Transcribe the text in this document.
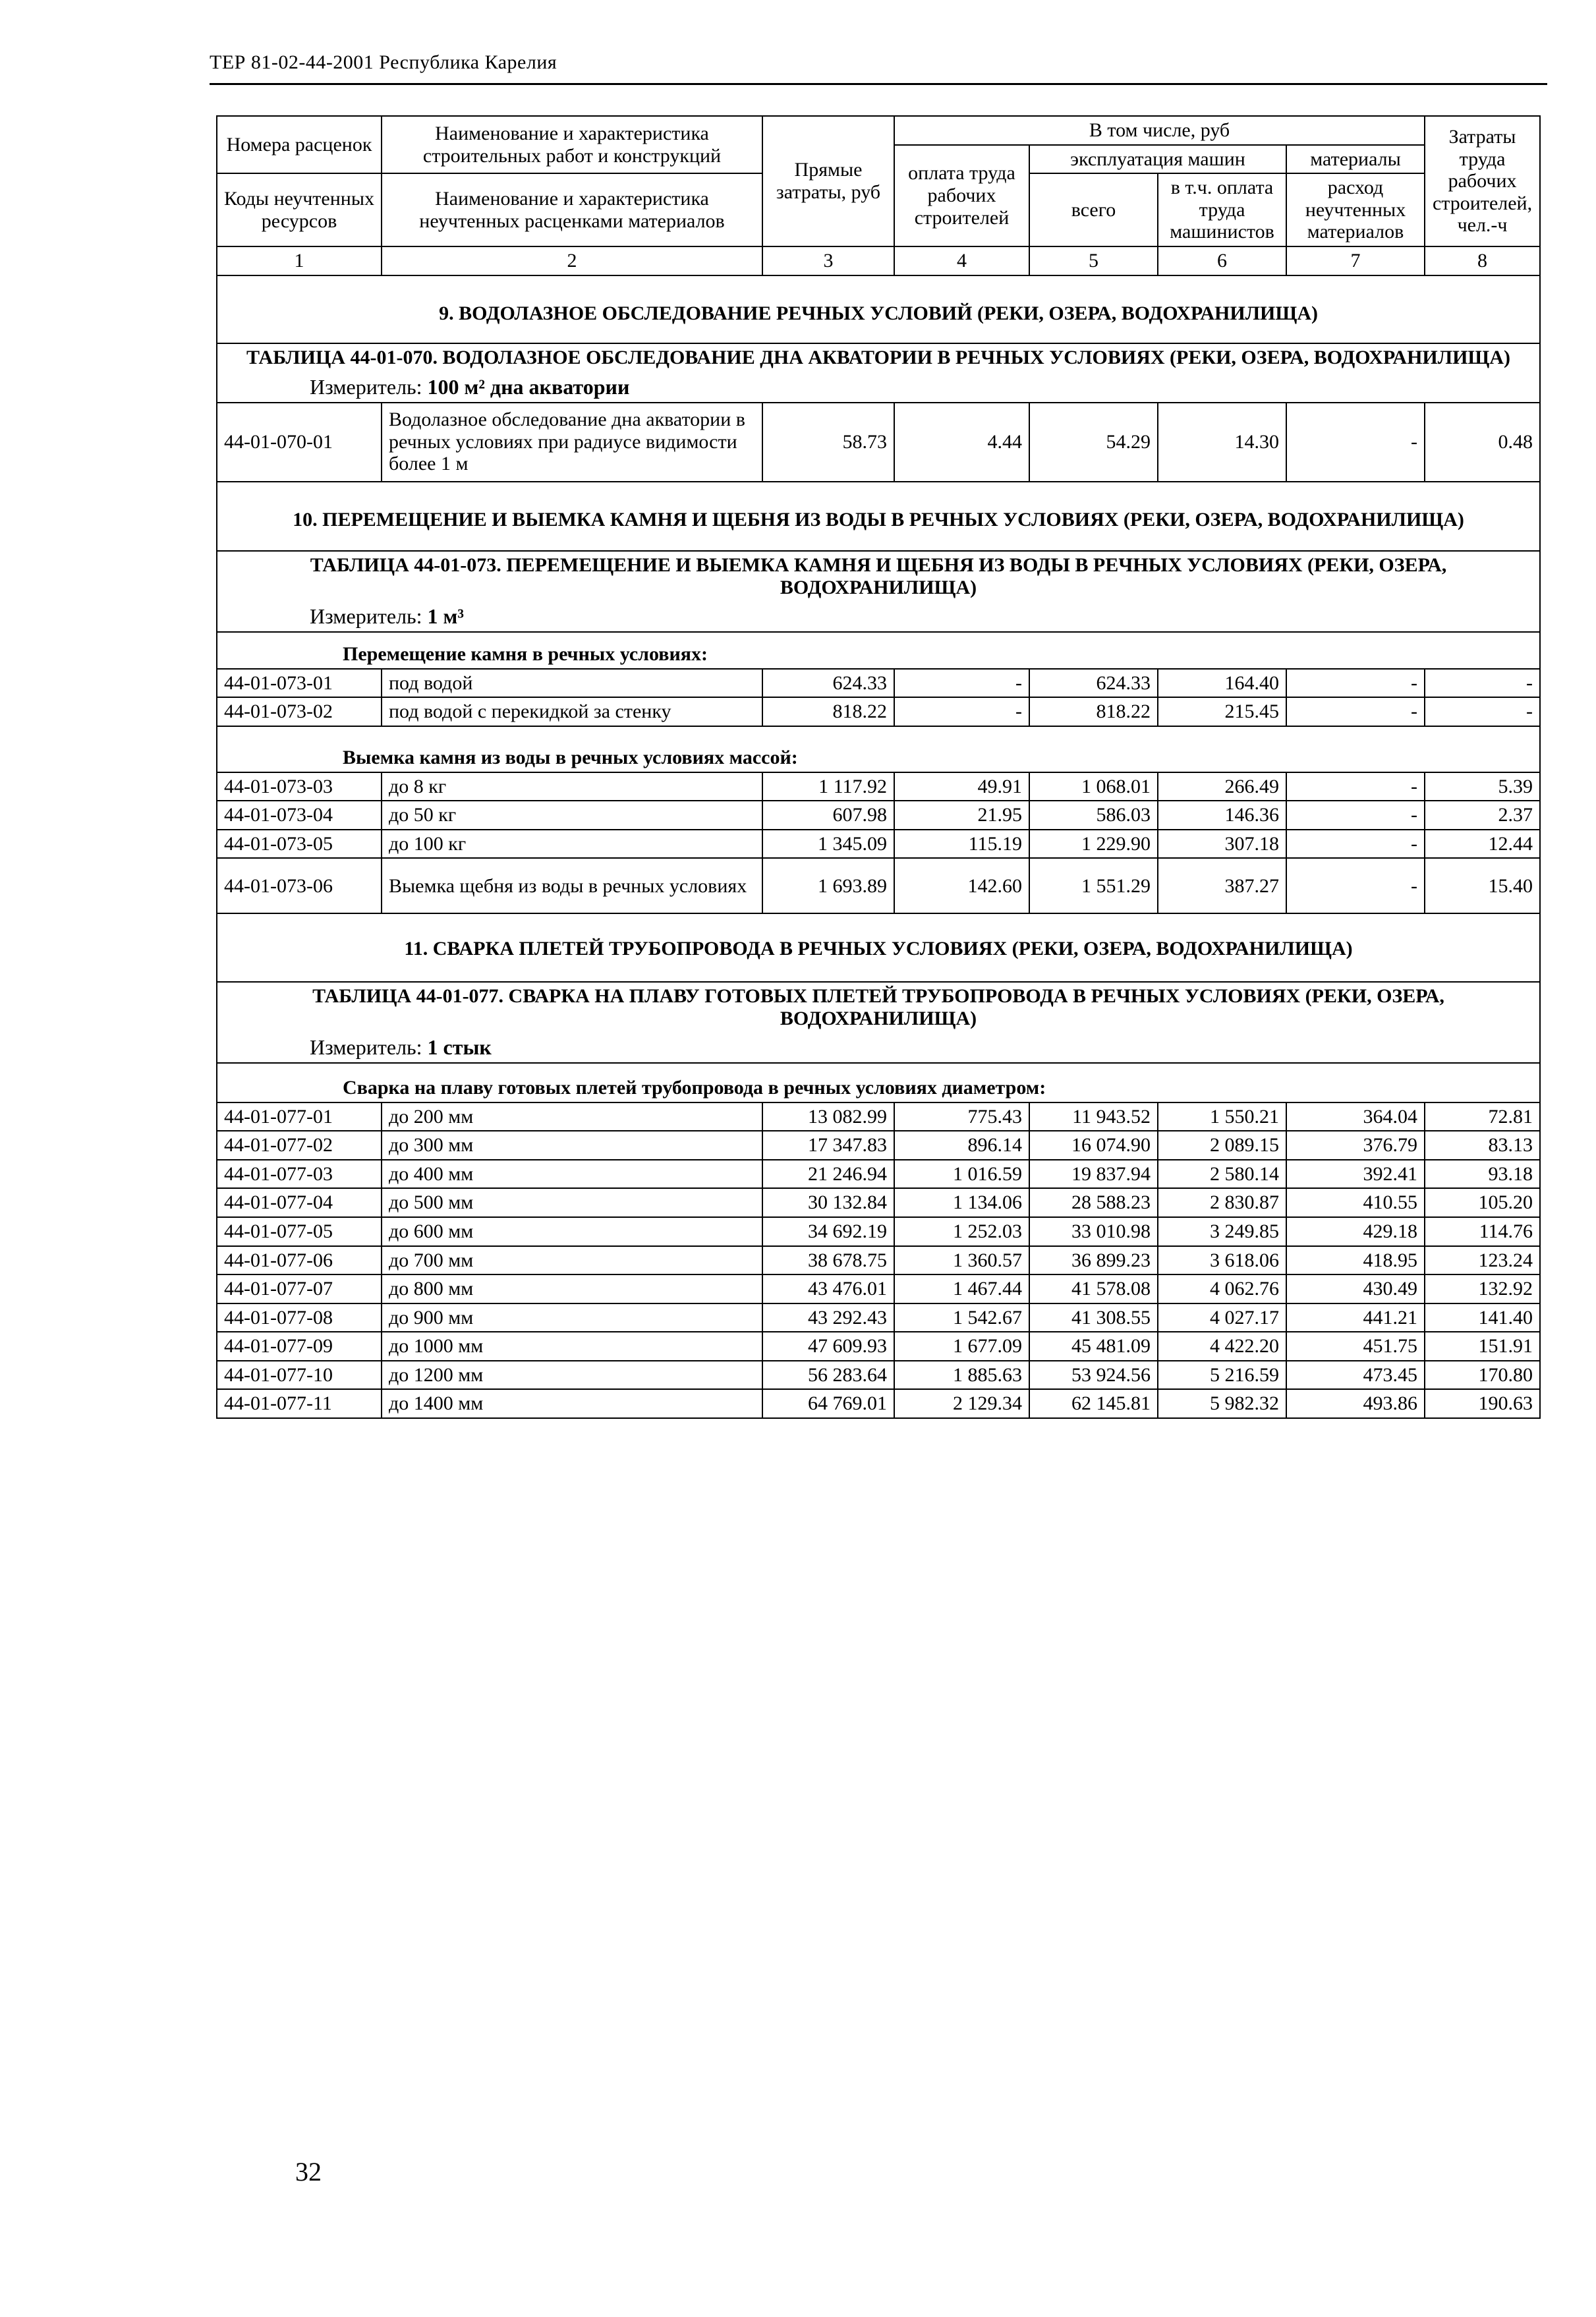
ТЕР 81-02-44-2001 Республика Карелия
Номера расценок	Наименование и характеристика строительных работ и конструкций	Прямые затраты, руб	В том числе, руб				Затраты труда рабочих строителей, чел.-ч
			оплата труда рабочих строителей	эксплуатация машин		материалы	
Коды неучтенных ресурсов	Наименование и характеристика неучтенных расценками материалов			всего	в т.ч. оплата труда машинистов	расход неучтенных материалов	

1	2	3	4	5	6	7	8
9. ВОДОЛАЗНОЕ ОБСЛЕДОВАНИЕ РЕЧНЫХ УСЛОВИЙ (РЕКИ, ОЗЕРА, ВОДОХРАНИЛИЩА)							

ТАБЛИЦА 44-01-070. ВОДОЛАЗНОЕ ОБСЛЕДОВАНИЕ ДНА АКВАТОРИИ В РЕЧНЫХ УСЛОВИЯХ (РЕКИ, ОЗЕРА, ВОДОХРАНИЛИЩА)
Измеритель: 100 м² дна акватории							

44-01-070-01	Водолазное обследование дна акватории в речных условиях при радиусе видимости более 1 м	58.73	4.44	54.29	14.30	-	0.48
10. ПЕРЕМЕЩЕНИЕ И ВЫЕМКА КАМНЯ И ЩЕБНЯ ИЗ ВОДЫ В РЕЧНЫХ УСЛОВИЯХ (РЕКИ, ОЗЕРА, ВОДОХРАНИЛИЩА)							

ТАБЛИЦА 44-01-073. ПЕРЕМЕЩЕНИЕ И ВЫЕМКА КАМНЯ И ЩЕБНЯ ИЗ ВОДЫ В РЕЧНЫХ УСЛОВИЯХ (РЕКИ, ОЗЕРА, ВОДОХРАНИЛИЩА)
Измеритель: 1 м³							

Перемещение камня в речных условиях:							
44-01-073-01	под водой	624.33	-	624.33	164.40	-	-
44-01-073-02	под водой с перекидкой за стенку	818.22	-	818.22	215.45	-	-
Выемка камня из воды в речных условиях массой:							
44-01-073-03	до 8 кг	1 117.92	49.91	1 068.01	266.49	-	5.39
44-01-073-04	до 50 кг	607.98	21.95	586.03	146.36	-	2.37
44-01-073-05	до 100 кг	1 345.09	115.19	1 229.90	307.18	-	12.44
44-01-073-06	Выемка щебня из воды в речных условиях	1 693.89	142.60	1 551.29	387.27	-	15.40
11. СВАРКА ПЛЕТЕЙ ТРУБОПРОВОДА В РЕЧНЫХ УСЛОВИЯХ (РЕКИ, ОЗЕРА, ВОДОХРАНИЛИЩА)							

ТАБЛИЦА 44-01-077. СВАРКА НА ПЛАВУ ГОТОВЫХ ПЛЕТЕЙ ТРУБОПРОВОДА В РЕЧНЫХ УСЛОВИЯХ (РЕКИ, ОЗЕРА, ВОДОХРАНИЛИЩА)
Измеритель: 1 стык							

Сварка на плаву готовых плетей трубопровода в речных условиях диаметром:							
44-01-077-01	до 200 мм	13 082.99	775.43	11 943.52	1 550.21	364.04	72.81
44-01-077-02	до 300 мм	17 347.83	896.14	16 074.90	2 089.15	376.79	83.13
44-01-077-03	до 400 мм	21 246.94	1 016.59	19 837.94	2 580.14	392.41	93.18
44-01-077-04	до 500 мм	30 132.84	1 134.06	28 588.23	2 830.87	410.55	105.20
44-01-077-05	до 600 мм	34 692.19	1 252.03	33 010.98	3 249.85	429.18	114.76
44-01-077-06	до 700 мм	38 678.75	1 360.57	36 899.23	3 618.06	418.95	123.24
44-01-077-07	до 800 мм	43 476.01	1 467.44	41 578.08	4 062.76	430.49	132.92
44-01-077-08	до 900 мм	43 292.43	1 542.67	41 308.55	4 027.17	441.21	141.40
44-01-077-09	до 1000 мм	47 609.93	1 677.09	45 481.09	4 422.20	451.75	151.91
44-01-077-10	до 1200 мм	56 283.64	1 885.63	53 924.56	5 216.59	473.45	170.80
44-01-077-11	до 1400 мм	64 769.01	2 129.34	62 145.81	5 982.32	493.86	190.63
32
